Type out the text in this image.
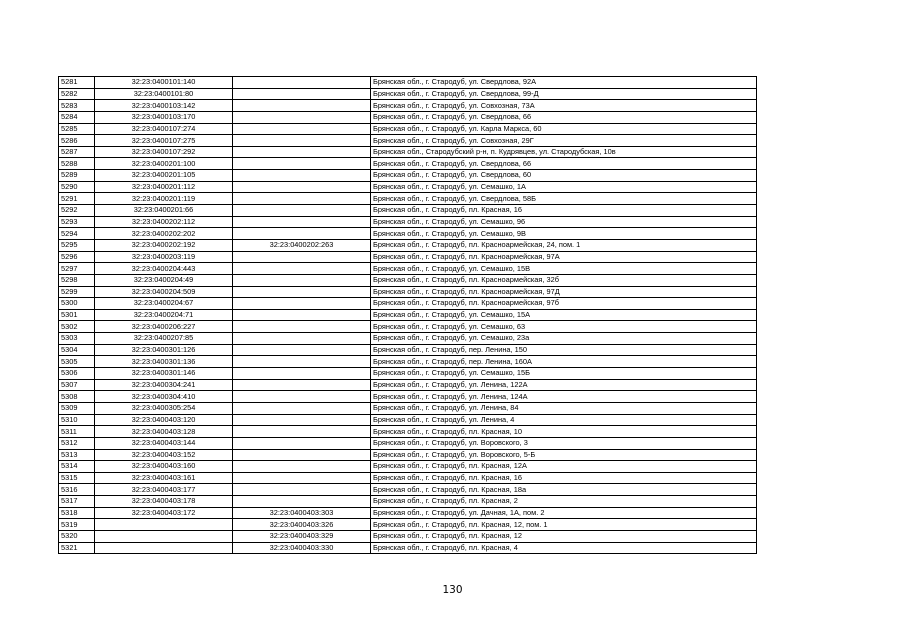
5281	32:23:0400101:140		Брянская обл., г. Стародуб, ул. Свердлова, 92А
5282	32:23:0400101:80		Брянская обл., г. Стародуб, ул. Свердлова, 99-Д
5283	32:23:0400103:142		Брянская обл., г. Стародуб, ул. Совхозная, 73А
5284	32:23:0400103:170		Брянская обл., г. Стародуб, ул. Свердлова, 66
5285	32:23:0400107:274		Брянская обл., г. Стародуб, ул. Карла Маркса, 60
5286	32:23:0400107:275		Брянская обл., г. Стародуб, ул. Совхозная, 29Г
5287	32:23:0400107:292		Брянская обл., Стародубский р-н, п. Кудрявцев, ул. Стародубская, 10в
5288	32:23:0400201:100		Брянская обл., г. Стародуб, ул. Свердлова, 66
5289	32:23:0400201:105		Брянская обл., г. Стародуб, ул. Свердлова, 60
5290	32:23:0400201:112		Брянская обл., г. Стародуб, ул. Семашко, 1А
5291	32:23:0400201:119		Брянская обл., г. Стародуб, ул. Свердлова, 58Б
5292	32:23:0400201:66		Брянская обл., г. Стародуб, пл. Красная, 16
5293	32:23:0400202:112		Брянская обл., г. Стародуб, ул. Семашко, 96
5294	32:23:0400202:202		Брянская обл., г. Стародуб, ул. Семашко, 9В
5295	32:23:0400202:192	32:23:0400202:263	Брянская обл., г. Стародуб, пл. Красноармейская, 24, пом. 1
5296	32:23:0400203:119		Брянская обл., г. Стародуб, пл. Красноармейская, 97А
5297	32:23:0400204:443		Брянская обл., г. Стародуб, ул. Семашко, 15В
5298	32:23:0400204:49		Брянская обл., г. Стародуб, пл. Красноармейская, 32б
5299	32:23:0400204:509		Брянская обл., г. Стародуб, пл. Красноармейская, 97Д
5300	32:23:0400204:67		Брянская обл., г. Стародуб, пл. Красноармейская, 97б
5301	32:23:0400204:71		Брянская обл., г. Стародуб, ул. Семашко, 15А
5302	32:23:0400206:227		Брянская обл., г. Стародуб, ул. Семашко, 63
5303	32:23:0400207:85		Брянская обл., г. Стародуб, ул. Семашко, 23а
5304	32:23:0400301:126		Брянская обл., г. Стародуб, пер. Ленина, 150
5305	32:23:0400301:136		Брянская обл., г. Стародуб, пер. Ленина, 160А
5306	32:23:0400301:146		Брянская обл., г. Стародуб, ул. Семашко, 15Б
5307	32:23:0400304:241		Брянская обл., г. Стародуб, ул. Ленина, 122А
5308	32:23:0400304:410		Брянская обл., г. Стародуб, ул. Ленина, 124А
5309	32:23:0400305:254		Брянская обл., г. Стародуб, ул. Ленина, 84
5310	32:23:0400403:120		Брянская обл., г. Стародуб, ул. Ленина, 4
5311	32:23:0400403:128		Брянская обл., г. Стародуб, пл. Красная, 10
5312	32:23:0400403:144		Брянская обл., г. Стародуб, ул. Воровского, 3
5313	32:23:0400403:152		Брянская обл., г. Стародуб, ул. Воровского, 5-Б
5314	32:23:0400403:160		Брянская обл., г. Стародуб, пл. Красная, 12А
5315	32:23:0400403:161		Брянская обл., г. Стародуб, пл. Красная, 16
5316	32:23:0400403:177		Брянская обл., г. Стародуб, пл. Красная, 18а
5317	32:23:0400403:178		Брянская обл., г. Стародуб, пл. Красная, 2
5318	32:23:0400403:172	32:23:0400403:303	Брянская обл., г. Стародуб, ул. Дачная, 1А, пом. 2
5319		32:23:0400403:326	Брянская обл., г. Стародуб, пл. Красная, 12, пом. 1
5320		32:23:0400403:329	Брянская обл., г. Стародуб, пл. Красная, 12
5321		32:23:0400403:330	Брянская обл., г. Стародуб, пл. Красная, 4
130
